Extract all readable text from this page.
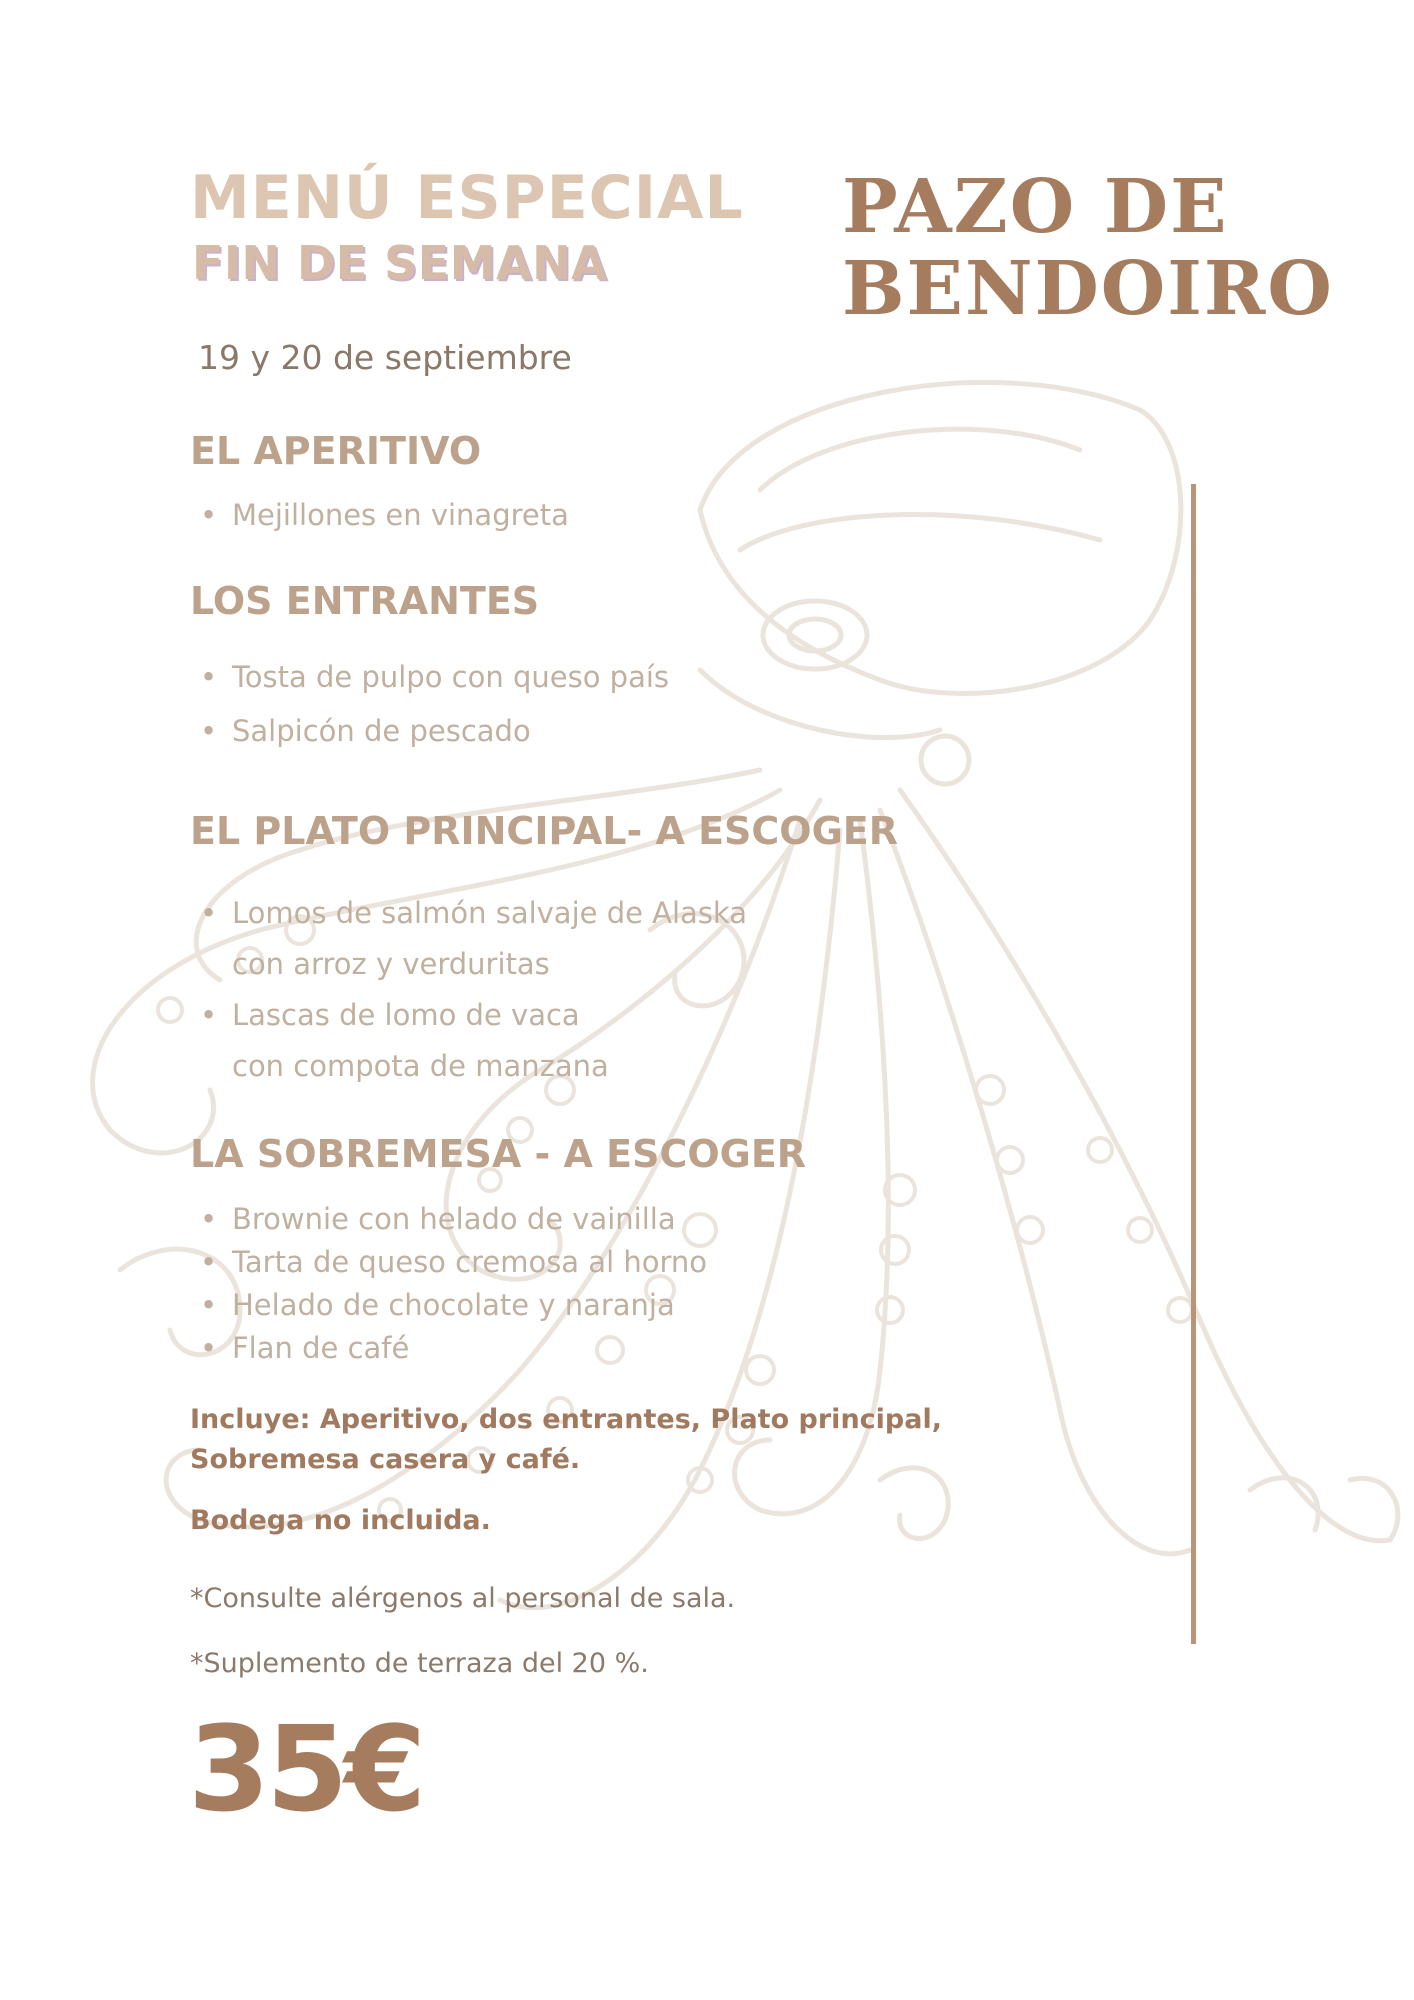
MENÚ ESPECIAL
FIN DE SEMANA
PAZO DE
BENDOIRO
19 y 20 de septiembre
EL APERITIVO
• Mejillones en vinagreta
LOS ENTRANTES
• Tosta de pulpo con queso país
• Salpicón de pescado
EL PLATO PRINCIPAL- A ESCOGER
• Lomos de salmón salvaje de Alaska
con arroz y verduritas
• Lascas de lomo de vaca
con compota de manzana
LA SOBREMESA - A ESCOGER
• Brownie con helado de vainilla
• Tarta de queso cremosa al horno
• Helado de chocolate y naranja
• Flan de café

Incluye: Aperitivo, dos entrantes, Plato principal,
Sobremesa casera y café.

Bodega no incluida.

*Consulte alérgenos al personal de sala.

*Suplemento de terraza del 20 %.

35€
